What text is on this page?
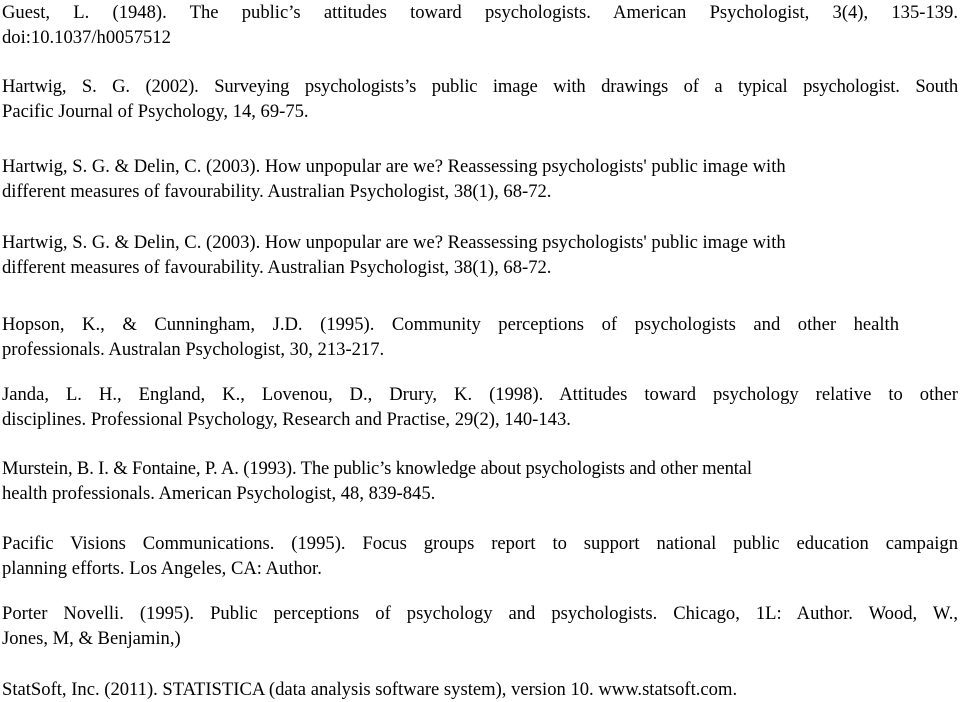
Guest, L. (1948). The public’s attitudes toward psychologists. American Psychologist, 3(4), 135-139.
doi:10.1037/h0057512
Hartwig, S. G. (2002). Surveying psychologists’s public image with drawings of a typical psychologist. South
Pacific Journal of Psychology, 14, 69-75.
Hartwig, S. G. & Delin, C. (2003). How unpopular are we? Reassessing psychologists' public image with
different measures of favourability. Australian Psychologist, 38(1), 68-72.
Hartwig, S. G. & Delin, C. (2003). How unpopular are we? Reassessing psychologists' public image with
different measures of favourability. Australian Psychologist, 38(1), 68-72.
Hopson, K., & Cunningham, J.D. (1995). Community perceptions of psychologists and other health
professionals. Australan Psychologist, 30, 213-217.
Janda, L. H., England, K., Lovenou, D., Drury, K. (1998). Attitudes toward psychology relative to other
disciplines. Professional Psychology, Research and Practise, 29(2), 140-143.
Murstein, B. I. & Fontaine, P. A. (1993). The public’s knowledge about psychologists and other mental
health professionals. American Psychologist, 48, 839-845.
Pacific Visions Communications. (1995). Focus groups report to support national public education campaign
planning efforts. Los Angeles, CA: Author.
Porter Novelli. (1995). Public perceptions of psychology and psychologists. Chicago, 1L: Author. Wood, W.,
Jones, M, & Benjamin,)
StatSoft, Inc. (2011). STATISTICA (data analysis software system), version 10. www.statsoft.com.
